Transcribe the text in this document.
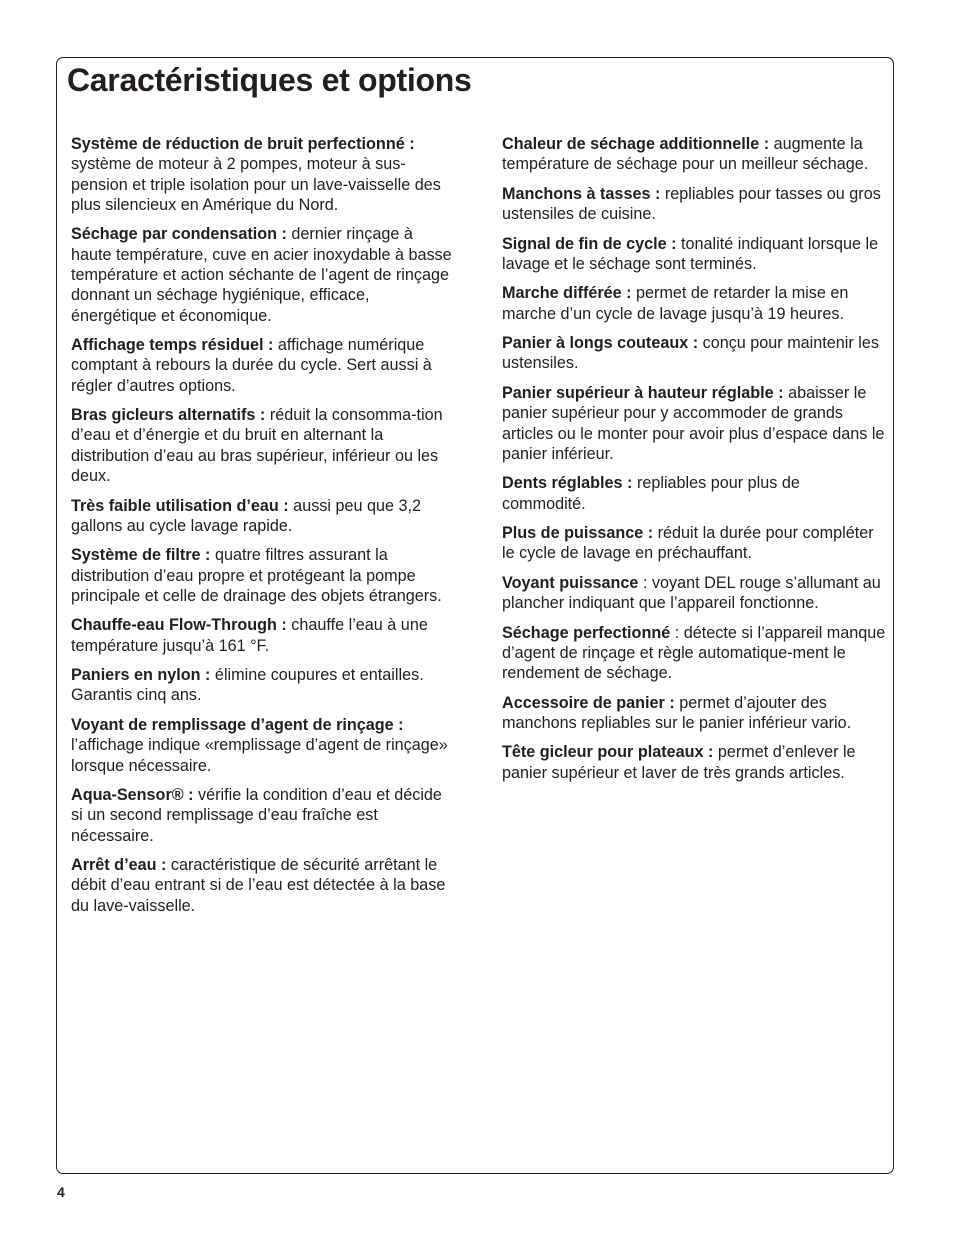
Caractéristiques et options

Système de réduction de bruit perfectionné : système de moteur à 2 pompes, moteur à sus-pension et triple isolation pour un lave-vaisselle des plus silencieux en Amérique du Nord.

Séchage par condensation : dernier rinçage à haute température, cuve en acier inoxydable à basse température et action séchante de l’agent de rinçage donnant un séchage hygiénique, efficace, énergétique et économique.

Affichage temps résiduel : affichage numérique comptant à rebours la durée du cycle. Sert aussi à régler d’autres options.

Bras gicleurs alternatifs : réduit la consomma-tion d’eau et d’énergie et du bruit en alternant la distribution d’eau au bras supérieur, inférieur ou les deux.

Très faible utilisation d’eau : aussi peu que 3,2 gallons au cycle lavage rapide.

Système de filtre : quatre filtres assurant la distribution d’eau propre et protégeant la pompe principale et celle de drainage des objets étrangers.

Chauffe-eau Flow-Through : chauffe l’eau à une température jusqu’à 161 °F.

Paniers en nylon : élimine coupures et entailles. Garantis cinq ans.

Voyant de remplissage d’agent de rinçage : l’affichage indique «remplissage d’agent de rinçage» lorsque nécessaire.

Aqua-Sensor® : vérifie la condition d’eau et décide si un second remplissage d’eau fraîche est nécessaire.

Arrêt d’eau : caractéristique de sécurité arrêtant le débit d’eau entrant si de l’eau est détectée à la base du lave-vaisselle.

Chaleur de séchage additionnelle : augmente la température de séchage pour un meilleur séchage.

Manchons à tasses : repliables pour tasses ou gros ustensiles de cuisine.

Signal de fin de cycle : tonalité indiquant lorsque le lavage et le séchage sont terminés.

Marche différée : permet de retarder la mise en marche d’un cycle de lavage jusqu’à 19 heures.

Panier à longs couteaux : conçu pour maintenir les ustensiles.

Panier supérieur à hauteur réglable : abaisser le panier supérieur pour y accommoder de grands articles ou le monter pour avoir plus d’espace dans le panier inférieur.

Dents réglables : repliables pour plus de commodité.

Plus de puissance : réduit la durée pour compléter le cycle de lavage en préchauffant.

Voyant puissance : voyant DEL rouge s’allumant au plancher indiquant que l’appareil fonctionne.

Séchage perfectionné : détecte si l’appareil manque d’agent de rinçage et règle automatique-ment le rendement de séchage.

Accessoire de panier : permet d’ajouter des manchons repliables sur le panier inférieur vario.

Tête gicleur pour plateaux : permet d’enlever le panier supérieur et laver de très grands articles.

4
